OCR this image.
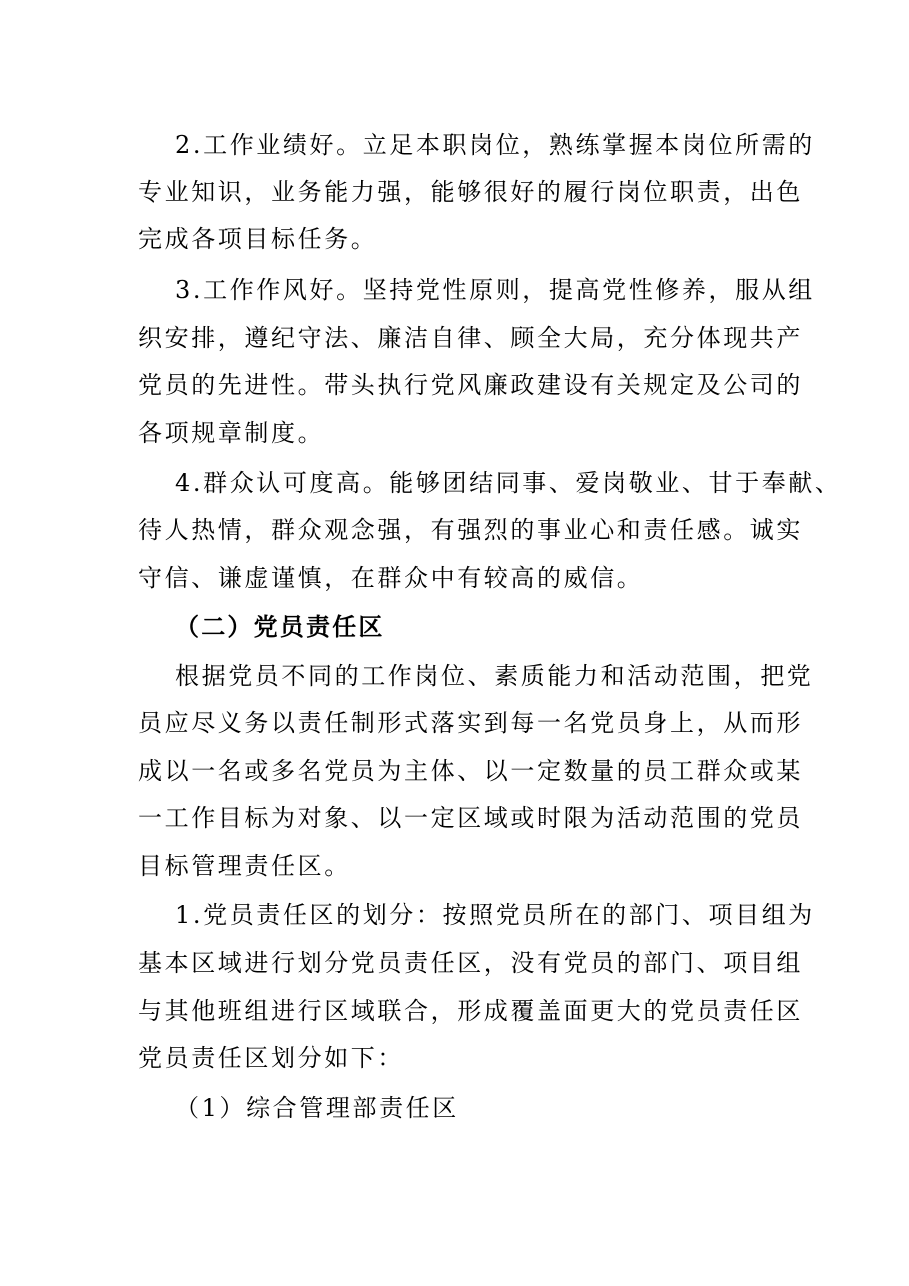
2.工作业绩好。立足本职岗位，熟练掌握本岗位所需的
专业知识，业务能力强，能够很好的履行岗位职责，出色
完成各项目标任务。
3.工作作风好。坚持党性原则，提高党性修养，服从组
织安排，遵纪守法、廉洁自律、顾全大局，充分体现共产
党员的先进性。带头执行党风廉政建设有关规定及公司的
各项规章制度。
4.群众认可度高。能够团结同事、爱岗敬业、甘于奉献、
待人热情，群众观念强，有强烈的事业心和责任感。诚实
守信、谦虚谨慎，在群众中有较高的威信。
（二）党员责任区
根据党员不同的工作岗位、素质能力和活动范围，把党
员应尽义务以责任制形式落实到每一名党员身上，从而形
成以一名或多名党员为主体、以一定数量的员工群众或某
一工作目标为对象、以一定区域或时限为活动范围的党员
目标管理责任区。
1.党员责任区的划分：按照党员所在的部门、项目组为
基本区域进行划分党员责任区，没有党员的部门、项目组
与其他班组进行区域联合，形成覆盖面更大的党员责任区
党员责任区划分如下：
（1）综合管理部责任区
